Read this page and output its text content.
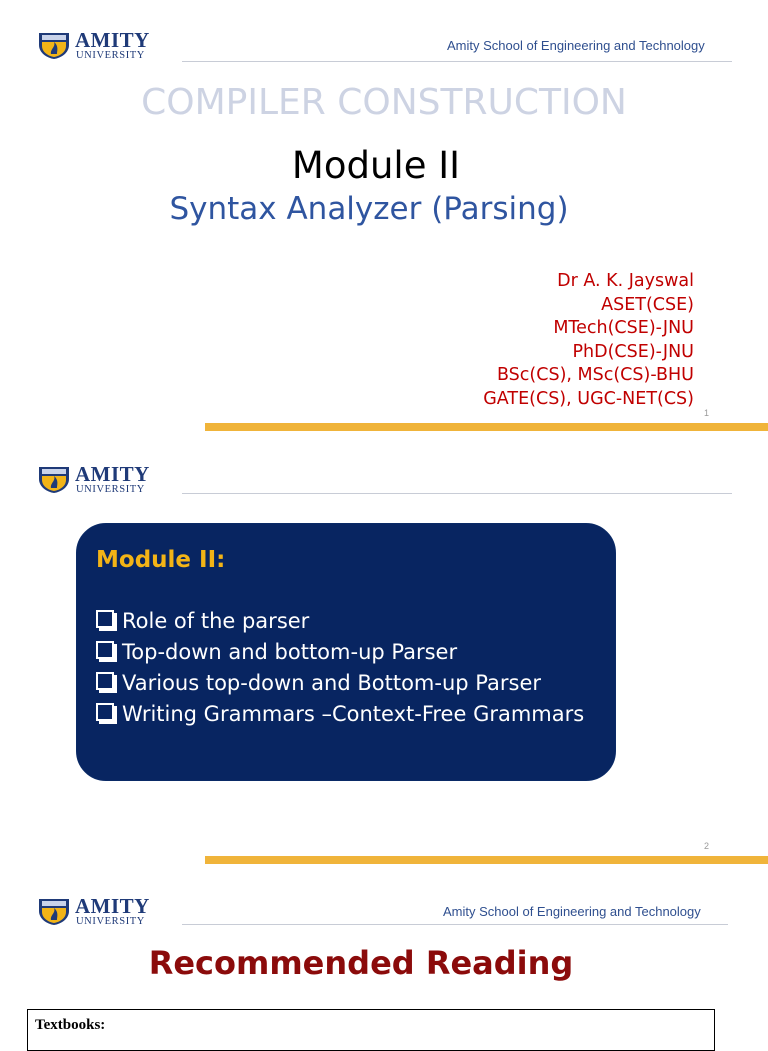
AMITY
UNIVERSITY
Amity School of Engineering and Technology
COMPILER CONSTRUCTION
Module II
Syntax Analyzer (Parsing)
Dr A. K. Jayswal
ASET(CSE)
MTech(CSE)-JNU
PhD(CSE)-JNU
BSc(CS), MSc(CS)-BHU
GATE(CS), UGC-NET(CS)
1
AMITY
UNIVERSITY
Module II:
Role of the parser
Top-down and bottom-up Parser
Various top-down and Bottom-up Parser
Writing Grammars –Context-Free Grammars
2
AMITY
UNIVERSITY
Amity School of Engineering and Technology
Recommended Reading
Textbooks:
